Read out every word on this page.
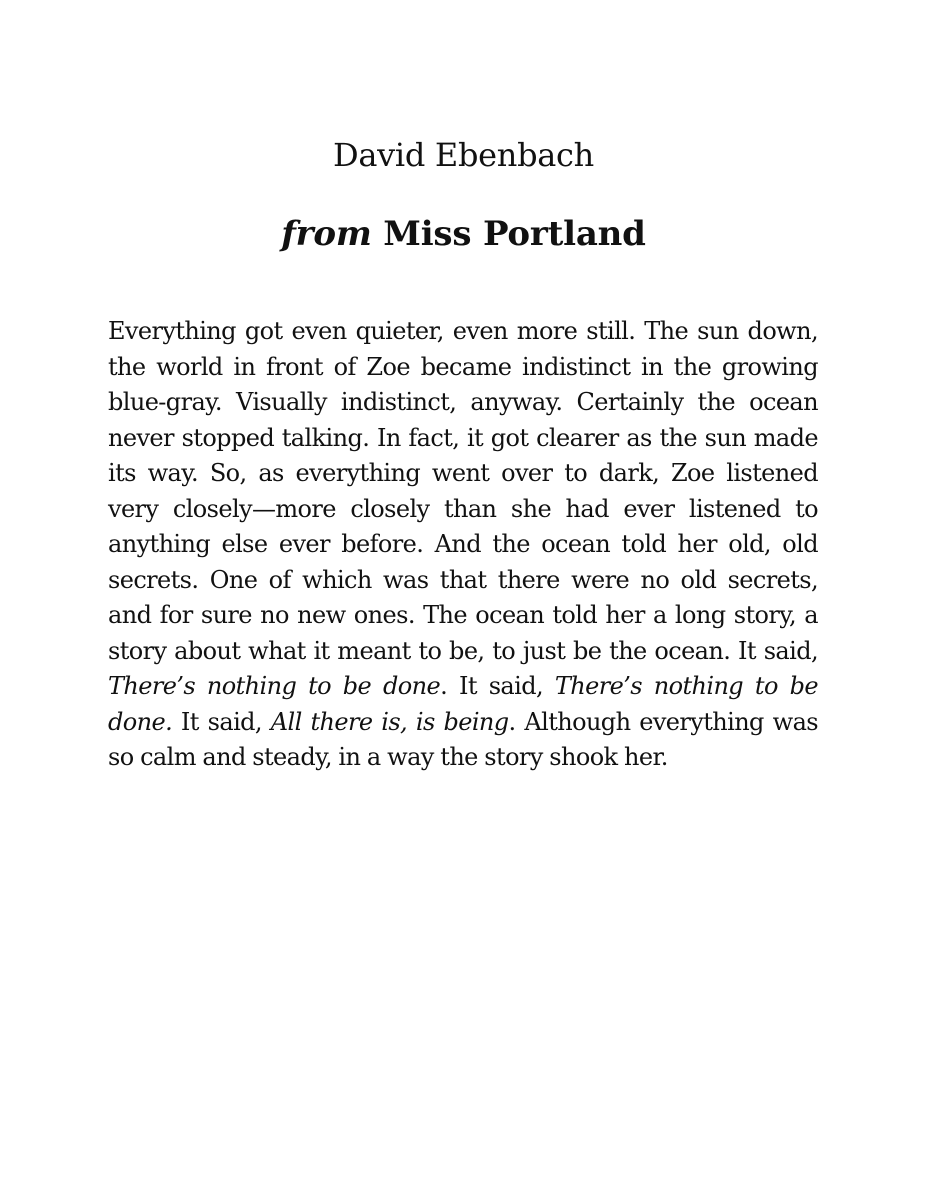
David Ebenbach
from Miss Portland

Everything got even quieter, even more still. The sun down, the world in front of Zoe became indistinct in the growing blue-gray. Visually indistinct, anyway. Certainly the ocean never stopped talking. In fact, it got clearer as the sun made its way. So, as everything went over to dark, Zoe listened very closely—more closely than she had ever listened to anything else ever before. And the ocean told her old, old secrets. One of which was that there were no old secrets, and for sure no new ones. The ocean told her a long story, a story about what it meant to be, to just be the ocean. It said, There’s nothing to be done. It said, There’s nothing to be done. It said, All there is, is being. Although everything was so calm and steady, in a way the story shook her.
